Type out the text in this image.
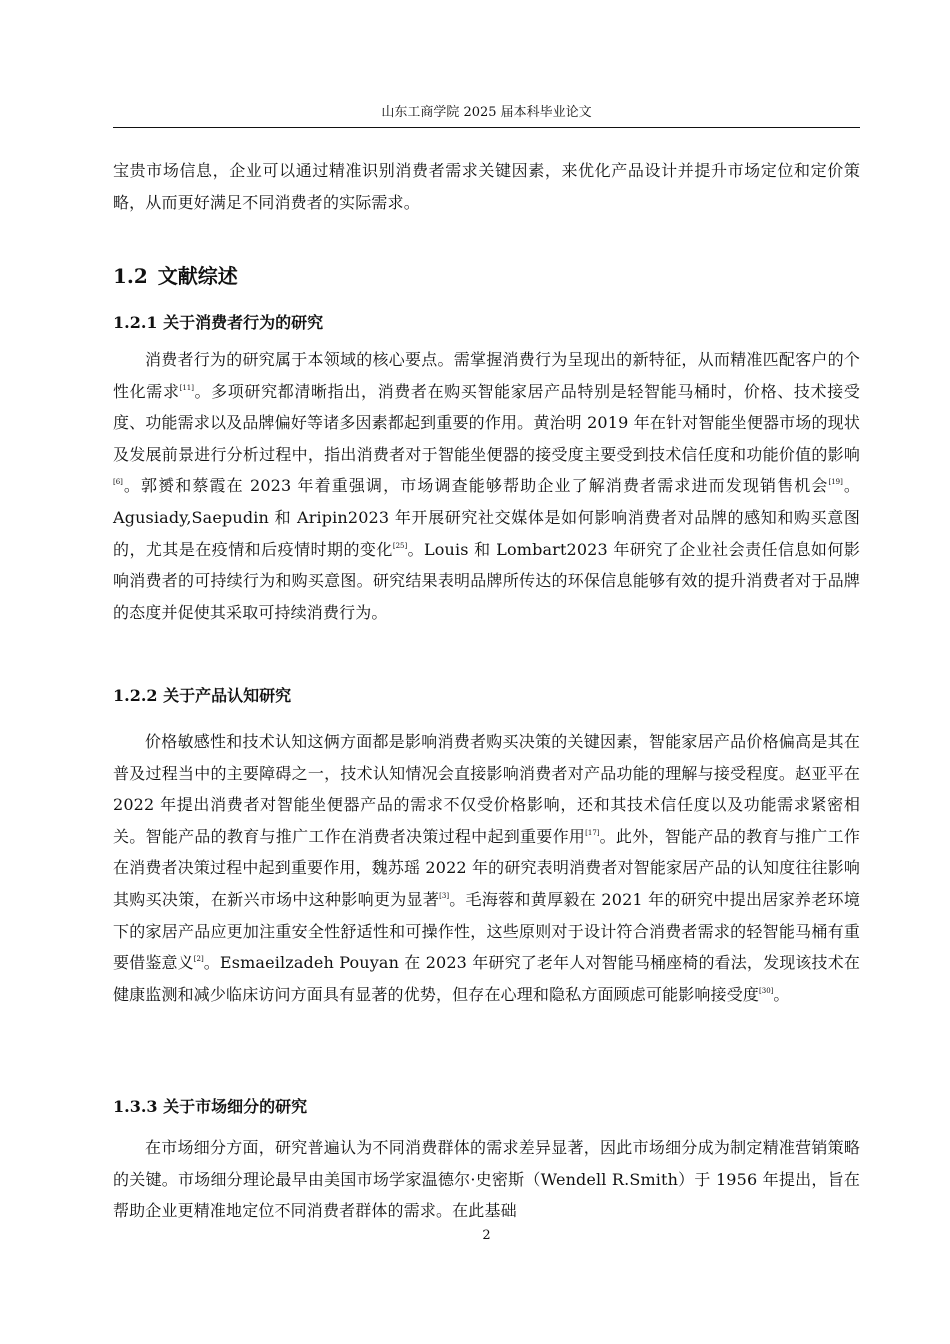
山东工商学院 2025 届本科毕业论文

宝贵市场信息，企业可以通过精准识别消费者需求关键因素，来优化产品设计并提升市场定位和定价策略，从而更好满足不同消费者的实际需求。

1.2 文献综述
1.2.1 关于消费者行为的研究

消费者行为的研究属于本领域的核心要点。需掌握消费行为呈现出的新特征，从而精准匹配客户的个性化需求[11]。多项研究都清晰指出，消费者在购买智能家居产品特别是轻智能马桶时，价格、技术接受度、功能需求以及品牌偏好等诸多因素都起到重要的作用。黄治明 2019 年在针对智能坐便器市场的现状及发展前景进行分析过程中，指出消费者对于智能坐便器的接受度主要受到技术信任度和功能价值的影响[6]。郭赟和蔡霞在 2023 年着重强调，市场调查能够帮助企业了解消费者需求进而发现销售机会[19]。Agusiady,Saepudin 和 Aripin2023 年开展研究社交媒体是如何影响消费者对品牌的感知和购买意图的，尤其是在疫情和后疫情时期的变化[25]。Louis 和 Lombart2023 年研究了企业社会责任信息如何影响消费者的可持续行为和购买意图。研究结果表明品牌所传达的环保信息能够有效的提升消费者对于品牌的态度并促使其采取可持续消费行为。

1.2.2 关于产品认知研究

价格敏感性和技术认知这俩方面都是影响消费者购买决策的关键因素，智能家居产品价格偏高是其在普及过程当中的主要障碍之一，技术认知情况会直接影响消费者对产品功能的理解与接受程度。赵亚平在 2022 年提出消费者对智能坐便器产品的需求不仅受价格影响，还和其技术信任度以及功能需求紧密相关。智能产品的教育与推广工作在消费者决策过程中起到重要作用[17]。此外，智能产品的教育与推广工作在消费者决策过程中起到重要作用，魏苏瑶 2022 年的研究表明消费者对智能家居产品的认知度往往影响其购买决策，在新兴市场中这种影响更为显著[3]。毛海蓉和黄厚毅在 2021 年的研究中提出居家养老环境下的家居产品应更加注重安全性舒适性和可操作性，这些原则对于设计符合消费者需求的轻智能马桶有重要借鉴意义[2]。Esmaeilzadeh Pouyan 在 2023 年研究了老年人对智能马桶座椅的看法，发现该技术在健康监测和减少临床访问方面具有显著的优势，但存在心理和隐私方面顾虑可能影响接受度[30]。

1.3.3 关于市场细分的研究

在市场细分方面，研究普遍认为不同消费群体的需求差异显著，因此市场细分成为制定精准营销策略的关键。市场细分理论最早由美国市场学家温德尔·史密斯（Wendell R.Smith）于 1956 年提出，旨在帮助企业更精准地定位不同消费者群体的需求。在此基础

2
